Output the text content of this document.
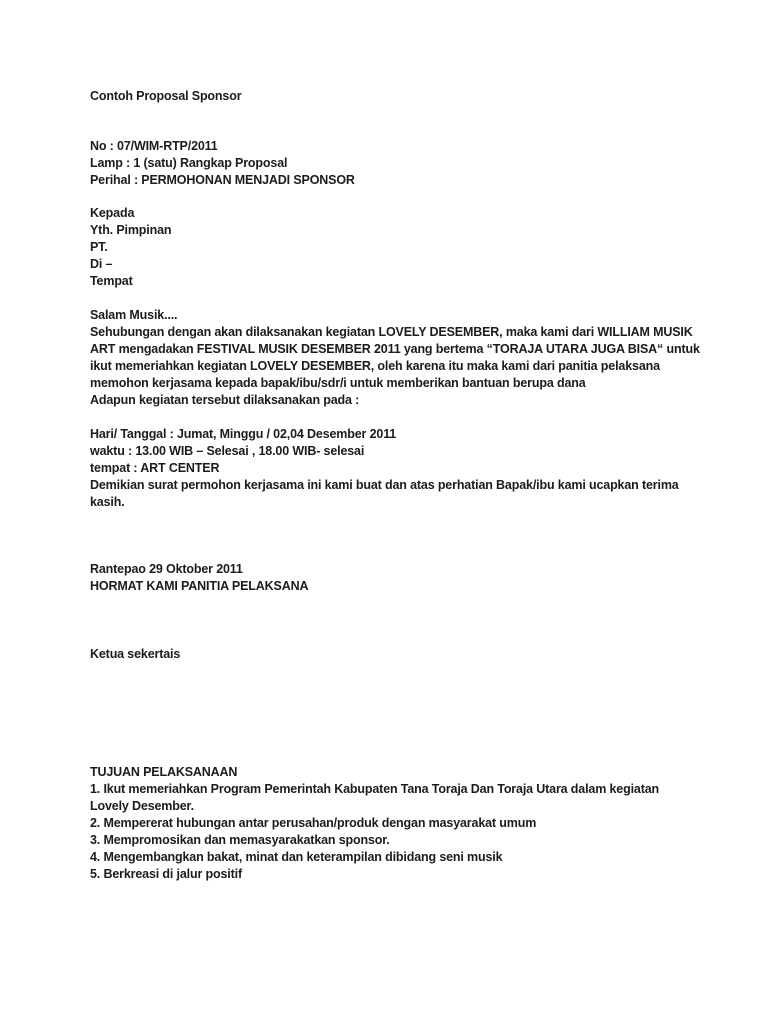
Contoh Proposal Sponsor
No : 07/WIM-RTP/2011
Lamp : 1 (satu) Rangkap Proposal
Perihal : PERMOHONAN MENJADI SPONSOR
Kepada
Yth. Pimpinan
PT.
Di –
Tempat
Salam Musik....
Sehubungan dengan akan dilaksanakan kegiatan LOVELY DESEMBER, maka kami dari WILLIAM MUSIK
ART mengadakan FESTIVAL MUSIK DESEMBER 2011 yang bertema “TORAJA UTARA JUGA BISA“ untuk
ikut memeriahkan kegiatan LOVELY DESEMBER, oleh karena itu maka kami dari panitia pelaksana
memohon kerjasama kepada bapak/ibu/sdr/i untuk memberikan bantuan berupa dana
Adapun kegiatan tersebut dilaksanakan pada :
Hari/ Tanggal : Jumat, Minggu / 02,04 Desember 2011
waktu : 13.00 WIB – Selesai , 18.00 WIB- selesai
tempat : ART CENTER
Demikian surat permohon kerjasama ini kami buat dan atas perhatian Bapak/ibu kami ucapkan terima
kasih.
Rantepao 29 Oktober 2011
HORMAT KAMI PANITIA PELAKSANA
Ketua sekertais
TUJUAN PELAKSANAAN
1. Ikut memeriahkan Program Pemerintah Kabupaten Tana Toraja Dan Toraja Utara dalam kegiatan
Lovely Desember.
2. Mempererat hubungan antar perusahan/produk dengan masyarakat umum
3. Mempromosikan dan memasyarakatkan sponsor.
4. Mengembangkan bakat, minat dan keterampilan dibidang seni musik
5. Berkreasi di jalur positif
